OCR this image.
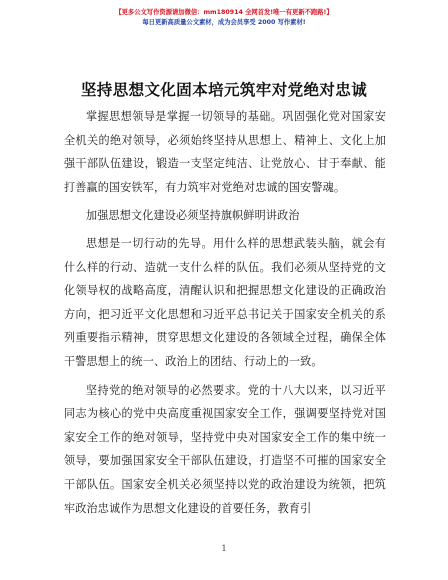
【更多公文写作资源请加微信：mm180914 全网首发!唯一有更新不跑路!】
每日更新高质量公文素材，成为会员享受 2000 写作素材!
坚持思想文化固本培元筑牢对党绝对忠诚

掌握思想领导是掌握一切领导的基础。巩固强化党对国家安全机关的绝对领导，必须始终坚持从思想上、精神上、文化上加强干部队伍建设，锻造一支坚定纯洁、让党放心、甘于奉献、能打善赢的国安铁军，有力筑牢对党绝对忠诚的国安警魂。

加强思想文化建设必须坚持旗帜鲜明讲政治

思想是一切行动的先导。用什么样的思想武装头脑，就会有什么样的行动、造就一支什么样的队伍。我们必须从坚持党的文化领导权的战略高度，清醒认识和把握思想文化建设的正确政治方向，把习近平文化思想和习近平总书记关于国家安全机关的系列重要指示精神，贯穿思想文化建设的各领域全过程，确保全体干警思想上的统一、政治上的团结、行动上的一致。

坚持党的绝对领导的必然要求。党的十八大以来，以习近平同志为核心的党中央高度重视国家安全工作，强调要坚持党对国家安全工作的绝对领导，坚持党中央对国家安全工作的集中统一领导，要加强国家安全干部队伍建设，打造坚不可摧的国家安全干部队伍。国家安全机关必须坚持以党的政治建设为统领，把筑牢政治忠诚作为思想文化建设的首要任务，教育引

1
